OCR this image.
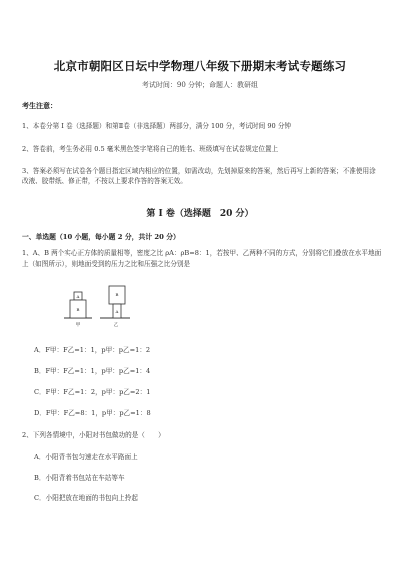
北京市朝阳区日坛中学物理八年级下册期末考试专题练习
考试时间：90 分钟；命题人：教研组
考生注意：
1、本卷分第 I 卷（选择题）和第Ⅱ卷（非选择题）两部分，满分 100 分，考试时间 90 分钟
2、答卷前，考生务必用 0.5 毫米黑色签字笔将自己的姓名、班级填写在试卷规定位置上
3、答案必须写在试卷各个题目指定区域内相应的位置，如需改动，先划掉原来的答案，然后再写上新的答案；不准使用涂改液、胶带纸、修正带，不按以上要求作答的答案无效。
第 I 卷（选择题　20 分）
一、单选题（10 小题，每小题 2 分，共计 20 分）
1、A、B 两个实心正方体的质量相等，密度之比 ρA：ρB=8：1，若按甲、乙两种不同的方式，分别将它们叠放在水平地面上（如图所示），则地面受到的压力之比和压强之比分别是
A
B
B
A
甲	乙
A．F甲：F乙=1：1，p甲：p乙=1：2
B．F甲：F乙=1：1，p甲：p乙=1：4
C．F甲：F乙=1：2，p甲：p乙=2：1
D．F甲：F乙=8：1，p甲：p乙=1：8
2、下列各情境中，小阳对书包做功的是（　　）
A．小阳背书包匀速走在水平路面上
B．小阳背着书包站在车站等车
C．小阳把放在地面的书包向上拎起
